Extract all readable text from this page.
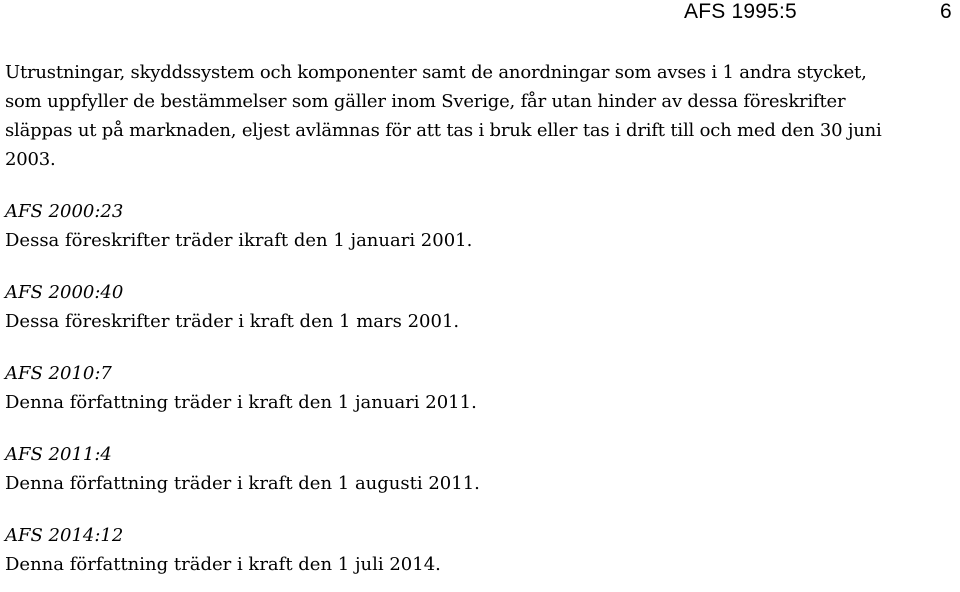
AFS 1995:5	6

Utrustningar, skyddssystem och komponenter samt de anordningar som avses i 1 andra stycket,
som uppfyller de bestämmelser som gäller inom Sverige, får utan hinder av dessa föreskrifter
släppas ut på marknaden, eljest avlämnas för att tas i bruk eller tas i drift till och med den 30 juni
2003.

AFS 2000:23

Dessa föreskrifter träder ikraft den 1 januari 2001.

AFS 2000:40

Dessa föreskrifter träder i kraft den 1 mars 2001.

AFS 2010:7

Denna författning träder i kraft den 1 januari 2011.

AFS 2011:4

Denna författning träder i kraft den 1 augusti 2011.

AFS 2014:12

Denna författning träder i kraft den 1 juli 2014.
